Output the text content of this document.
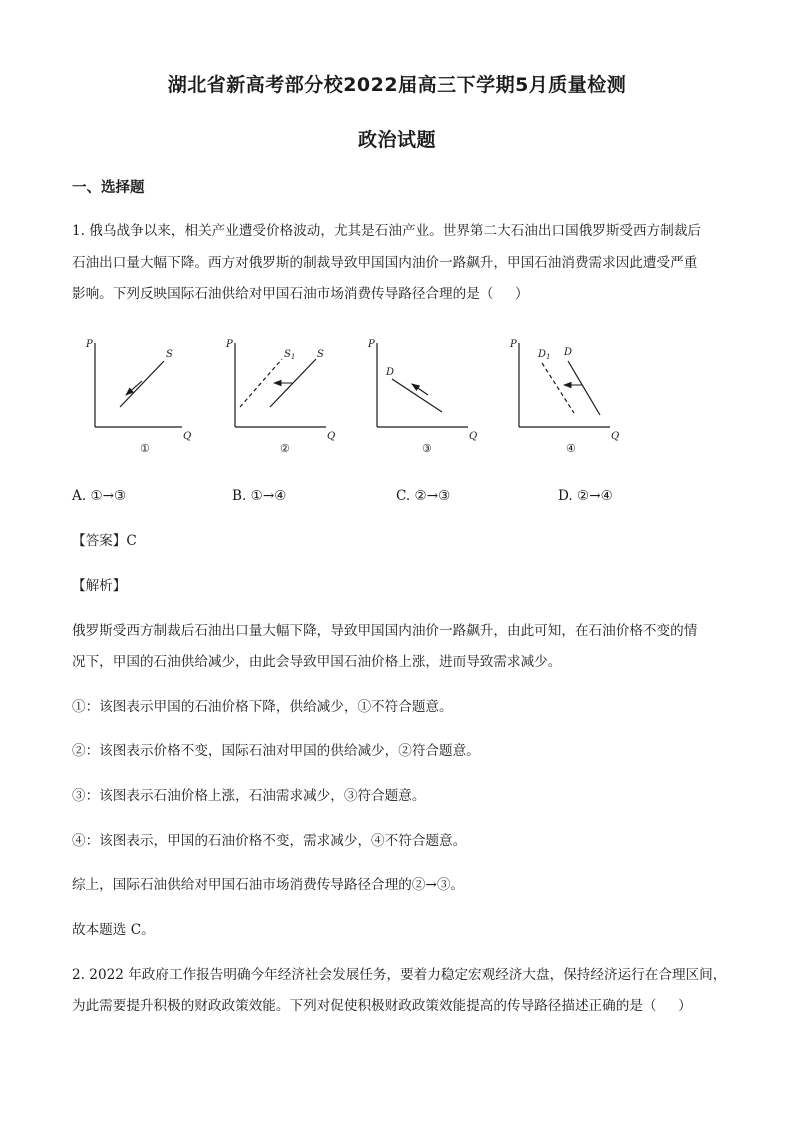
湖北省新高考部分校2022届高三下学期5月质量检测
政治试题
一、选择题
1. 俄乌战争以来，相关产业遭受价格波动，尤其是石油产业。世界第二大石油出口国俄罗斯受西方制裁后
石油出口量大幅下降。西方对俄罗斯的制裁导致甲国国内油价一路飙升，甲国石油消费需求因此遭受严重
影响。下列反映国际石油供给对甲国石油市场消费传导路径合理的是（     ）
P
Q
S
①
P
Q
$S_1$ S
②
P
Q
D
③
P
Q
$D_1$ D
④
A. ①→③	B. ①→④	C. ②→③	D. ②→④
【答案】C
【解析】
俄罗斯受西方制裁后石油出口量大幅下降，导致甲国国内油价一路飙升，由此可知，在石油价格不变的情
况下，甲国的石油供给减少，由此会导致甲国石油价格上涨，进而导致需求减少。
①：该图表示甲国的石油价格下降，供给减少，①不符合题意。
②：该图表示价格不变，国际石油对甲国的供给减少，②符合题意。
③：该图表示石油价格上涨，石油需求减少，③符合题意。
④：该图表示，甲国的石油价格不变，需求减少，④不符合题意。
综上，国际石油供给对甲国石油市场消费传导路径合理的②→③。
故本题选 C。
2. 2022 年政府工作报告明确今年经济社会发展任务，要着力稳定宏观经济大盘，保持经济运行在合理区间，
为此需要提升积极的财政政策效能。下列对促使积极财政政策效能提高的传导路径描述正确的是（     ）
